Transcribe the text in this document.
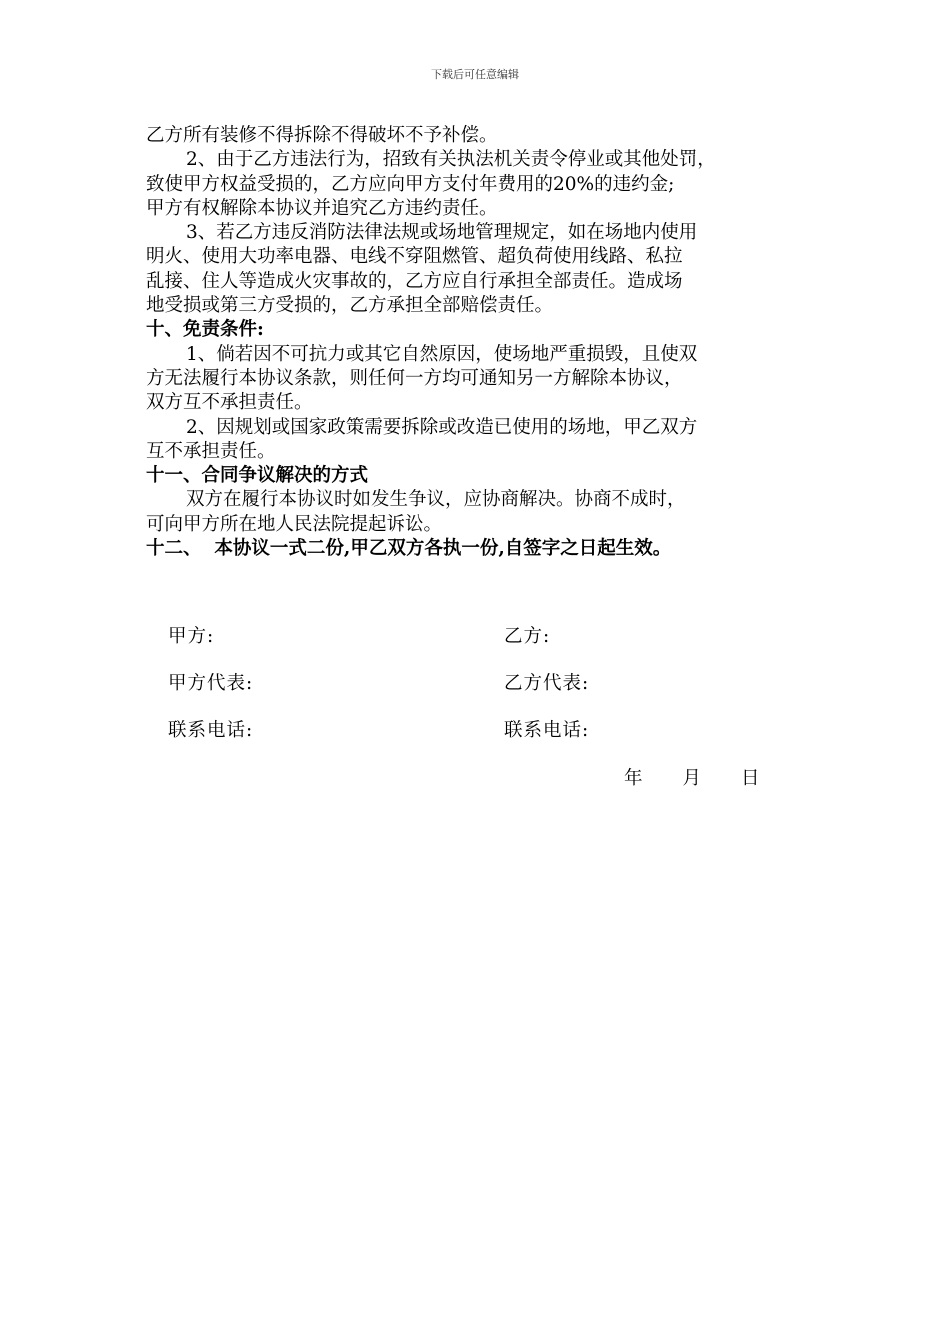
下载后可任意编辑
乙方所有装修不得拆除不得破坏不予补偿。
2、由于乙方违法行为，招致有关执法机关责令停业或其他处罚，
致使甲方权益受损的，乙方应向甲方支付年费用的20%的违约金;
甲方有权解除本协议并追究乙方违约责任。
3、若乙方违反消防法律法规或场地管理规定，如在场地内使用
明火、使用大功率电器、电线不穿阻燃管、超负荷使用线路、私拉
乱接、住人等造成火灾事故的，乙方应自行承担全部责任。造成场
地受损或第三方受损的，乙方承担全部赔偿责任。
十、免责条件:
1、倘若因不可抗力或其它自然原因，使场地严重损毁，且使双
方无法履行本协议条款，则任何一方均可通知另一方解除本协议，
双方互不承担责任。
2、因规划或国家政策需要拆除或改造已使用的场地，甲乙双方
互不承担责任。
十一、合同争议解决的方式
双方在履行本协议时如发生争议，应协商解决。协商不成时，
可向甲方所在地人民法院提起诉讼。
十二、  本协议一式二份,甲乙双方各执一份,自签字之日起生效。
甲方:	乙方:
甲方代表:	乙方代表:
联系电话:	联系电话:
年 月 日
